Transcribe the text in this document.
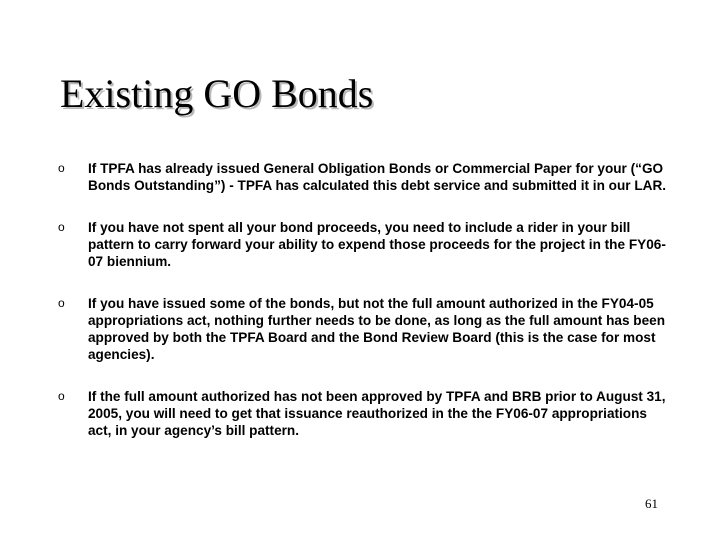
Existing GO Bonds
o If TPFA has already issued General Obligation Bonds or Commercial Paper for your (“GO Bonds Outstanding”) - TPFA has calculated this debt service and submitted it in our LAR.
o If you have not spent all your bond proceeds, you need to include a rider in your bill pattern to carry forward your ability to expend those proceeds for the project in the FY06-07 biennium.
o If you have issued some of the bonds, but not the full amount authorized in the FY04-05 appropriations act, nothing further needs to be done, as long as the full amount has been approved by both the TPFA Board and the Bond Review Board (this is the case for most agencies).
o If the full amount authorized has not been approved by TPFA and BRB prior to August 31, 2005, you will need to get that issuance reauthorized in the the FY06-07 appropriations act, in your agency’s bill pattern.
61
